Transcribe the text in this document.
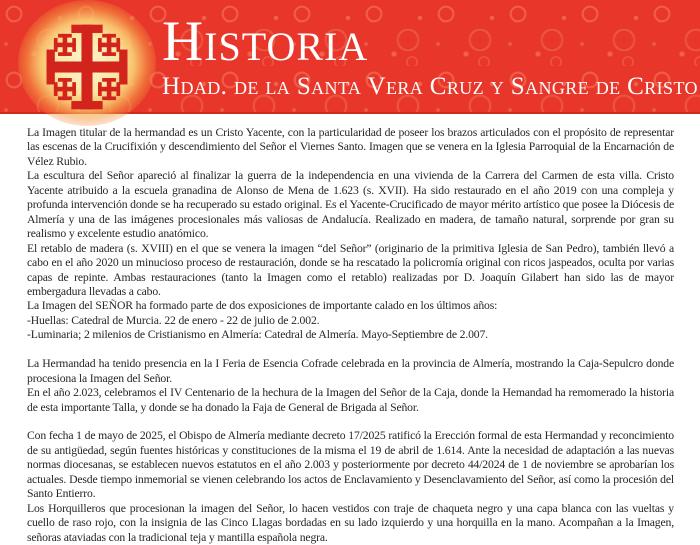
Historia
Hdad. de la Santa Vera Cruz y Sangre de Cristo

La Imagen titular de la hermandad es un Cristo Yacente, con la particularidad de poseer los brazos articulados con el propósito de representar las escenas de la Crucifixión y descendimiento del Señor el Viernes Santo. Imagen que se venera en la Iglesia Parroquial de la Encarnación de Vélez Rubio.

La escultura del Señor apareció al finalizar la guerra de la independencia en una vivienda de la Carrera del Carmen de esta villa. Cristo Yacente atribuido a la escuela granadina de Alonso de Mena de 1.623 (s. XVII). Ha sido restaurado en el año 2019 con una compleja y profunda intervención donde se ha recuperado su estado original. Es el Yacente-Crucificado de mayor mérito artístico que posee la Diócesis de Almería y una de las imágenes procesionales más valiosas de Andalucía. Realizado en madera, de tamaño natural, sorprende por gran su realismo y excelente estudio anatómico.

El retablo de madera (s. XVIII) en el que se venera la imagen “del Señor” (originario de la primitiva Iglesia de San Pedro), también llevó a cabo en el año 2020 un minucioso proceso de restauración, donde se ha rescatado la policromía original con ricos jaspeados, oculta por varias capas de repinte. Ambas restauraciones (tanto la Imagen como el retablo) realizadas por D. Joaquín Gilabert han sido las de mayor embergadura llevadas a cabo.

La Imagen del SEÑOR ha formado parte de dos exposiciones de importante calado en los últimos años:

-Huellas: Catedral de Murcia. 22 de enero - 22 de julio de 2.002.

-Luminaria; 2 milenios de Cristianismo en Almería: Catedral de Almería. Mayo-Septiembre de 2.007.

La Hermandad ha tenido presencia en la I Feria de Esencia Cofrade celebrada en la provincia de Almería, mostrando la Caja-Sepulcro donde procesiona la Imagen del Señor.

En el año 2.023, celebramos el IV Centenario de la hechura de la Imagen del Señor de la Caja, donde la Hemandad ha remomerado la historia de esta importante Talla, y donde se ha donado la Faja de General de Brigada al Señor.

Con fecha 1 de mayo de 2025, el Obispo de Almería mediante decreto 17/2025 ratificó la Erección formal de esta Hermandad y reconcimiento de su antigüedad, según fuentes históricas y constituciones de la misma el 19 de abril de 1.614. Ante la necesidad de adaptación a las nuevas normas diocesanas, se establecen nuevos estatutos en el año 2.003 y posteriormente por decreto 44/2024 de 1 de noviembre se aprobarían los actuales. Desde tiempo inmemorial se vienen celebrando los actos de Enclavamiento y Desenclavamiento del Señor, así como la procesión del Santo Entierro.

Los Horquilleros que procesionan la imagen del Señor, lo hacen vestidos con traje de chaqueta negro y una capa blanca con las vueltas y cuello de raso rojo, con la insignia de las Cinco Llagas bordadas en su lado izquierdo y una horquilla en la mano. Acompañan a la Imagen, señoras ataviadas con la tradicional teja y mantilla española negra.
